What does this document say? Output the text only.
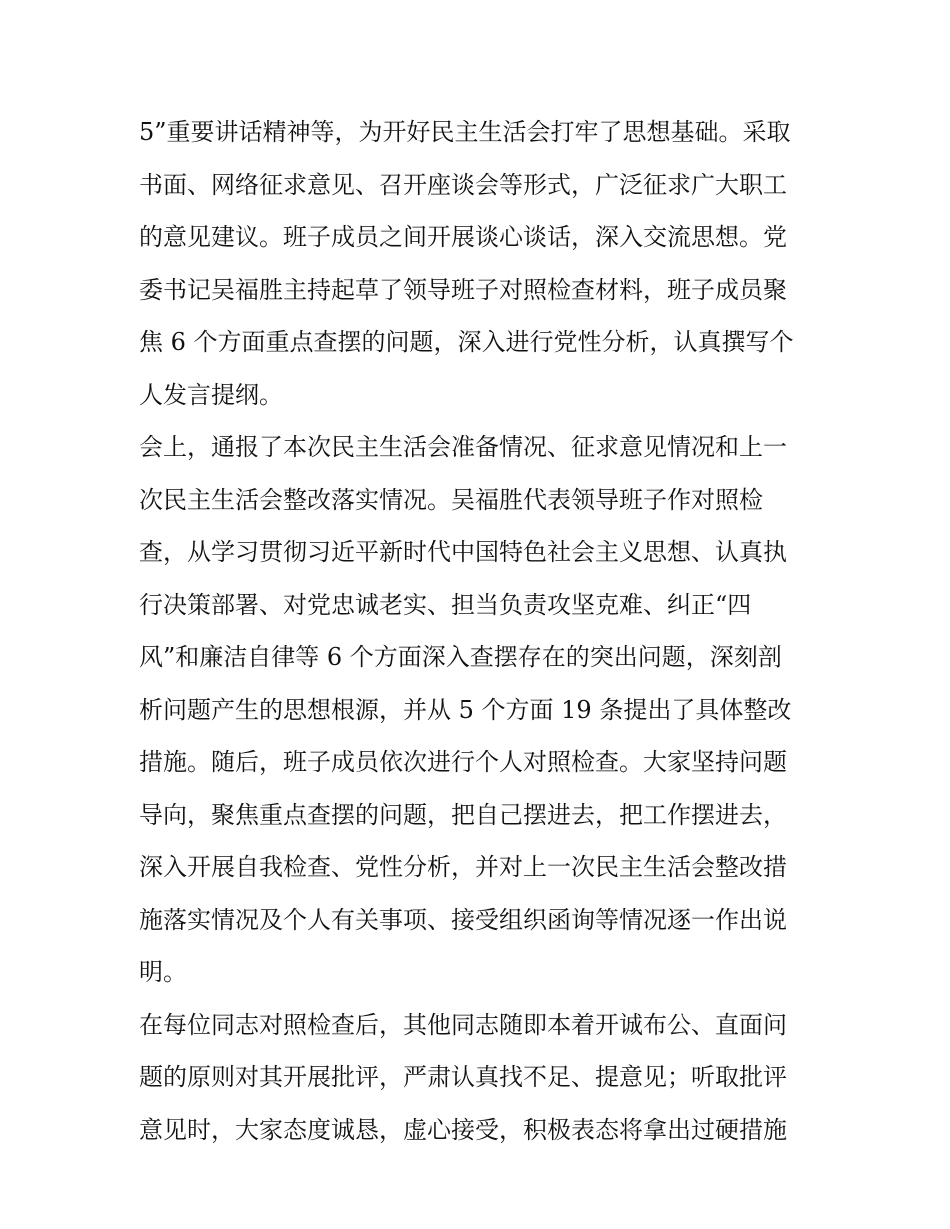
5”重要讲话精神等，为开好民主生活会打牢了思想基础。采取
书面、网络征求意见、召开座谈会等形式，广泛征求广大职工
的意见建议。班子成员之间开展谈心谈话，深入交流思想。党
委书记吴福胜主持起草了领导班子对照检查材料，班子成员聚
焦 6 个方面重点查摆的问题，深入进行党性分析，认真撰写个
人发言提纲。
会上，通报了本次民主生活会准备情况、征求意见情况和上一
次民主生活会整改落实情况。吴福胜代表领导班子作对照检
查，从学习贯彻习近平新时代中国特色社会主义思想、认真执
行决策部署、对党忠诚老实、担当负责攻坚克难、纠正“四
风”和廉洁自律等 6 个方面深入查摆存在的突出问题，深刻剖
析问题产生的思想根源，并从 5 个方面 19 条提出了具体整改
措施。随后，班子成员依次进行个人对照检查。大家坚持问题
导向，聚焦重点查摆的问题，把自己摆进去，把工作摆进去，
深入开展自我检查、党性分析，并对上一次民主生活会整改措
施落实情况及个人有关事项、接受组织函询等情况逐一作出说
明。
在每位同志对照检查后，其他同志随即本着开诚布公、直面问
题的原则对其开展批评，严肃认真找不足、提意见；听取批评
意见时，大家态度诚恳，虚心接受，积极表态将拿出过硬措施
